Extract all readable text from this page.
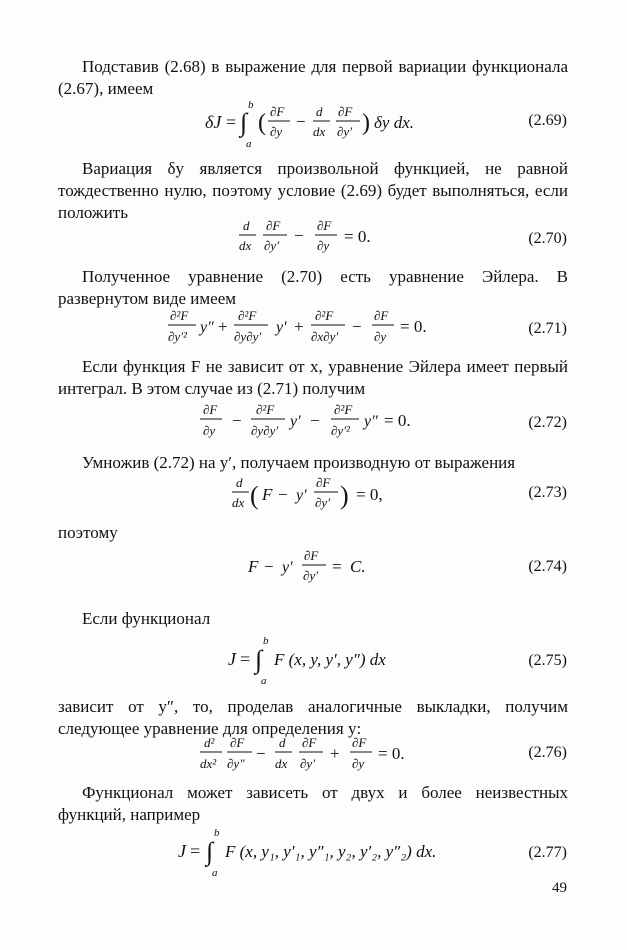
Подставив (2.68) в выражение для первой вариации функционала (2.67), имеем
b
∫
a
δJ = ( ∂F
∂y
−
d
dx
∂F
∂y′ ) δy dx.	(2.69)
Вариация δy является произвольной функцией, не равной тождественно нулю, поэтому условие (2.69) будет выполняться, если положить
d
dx
∂F
∂y′
−
∂F
∂y = 0.	(2.70)
Полученное уравнение (2.70) есть уравнение Эйлера. В развернутом виде имеем
∂²F
∂y′²
y″ +
∂²F
∂y∂y′
y′ +
∂²F
∂x∂y′
−
∂F
∂y
= 0.	(2.71)
Если функция F не зависит от x, уравнение Эйлера имеет первый интеграл. В этом случае из (2.71) получим
∂F
∂y
−
∂²F
∂y∂y′
y′ −
∂²F
∂y′²
y″ = 0.	(2.72)
Умножив (2.72) на y′, получаем производную от выражения
d
dx ( F − y′
∂F
∂y′ ) = 0,	(2.73)
поэтому
F − y′
∂F
∂y′ = C.	(2.74)
Если функционал
b
∫
a
J = F (x, y, y′, y″) dx	(2.75)
зависит от y″, то, проделав аналогичные выкладки, получим следующее уравнение для определения y:
d²
dx²
∂F
∂y″
−
d
dx
∂F
∂y′
+
∂F
∂y
= 0.	(2.76)
Функционал может зависеть от двух и более неизвестных функций, например
b
∫
a
J = F (x, y₁, y′₁, y″₁, y₂, y′₂, y″₂) dx.	(2.77)
49
